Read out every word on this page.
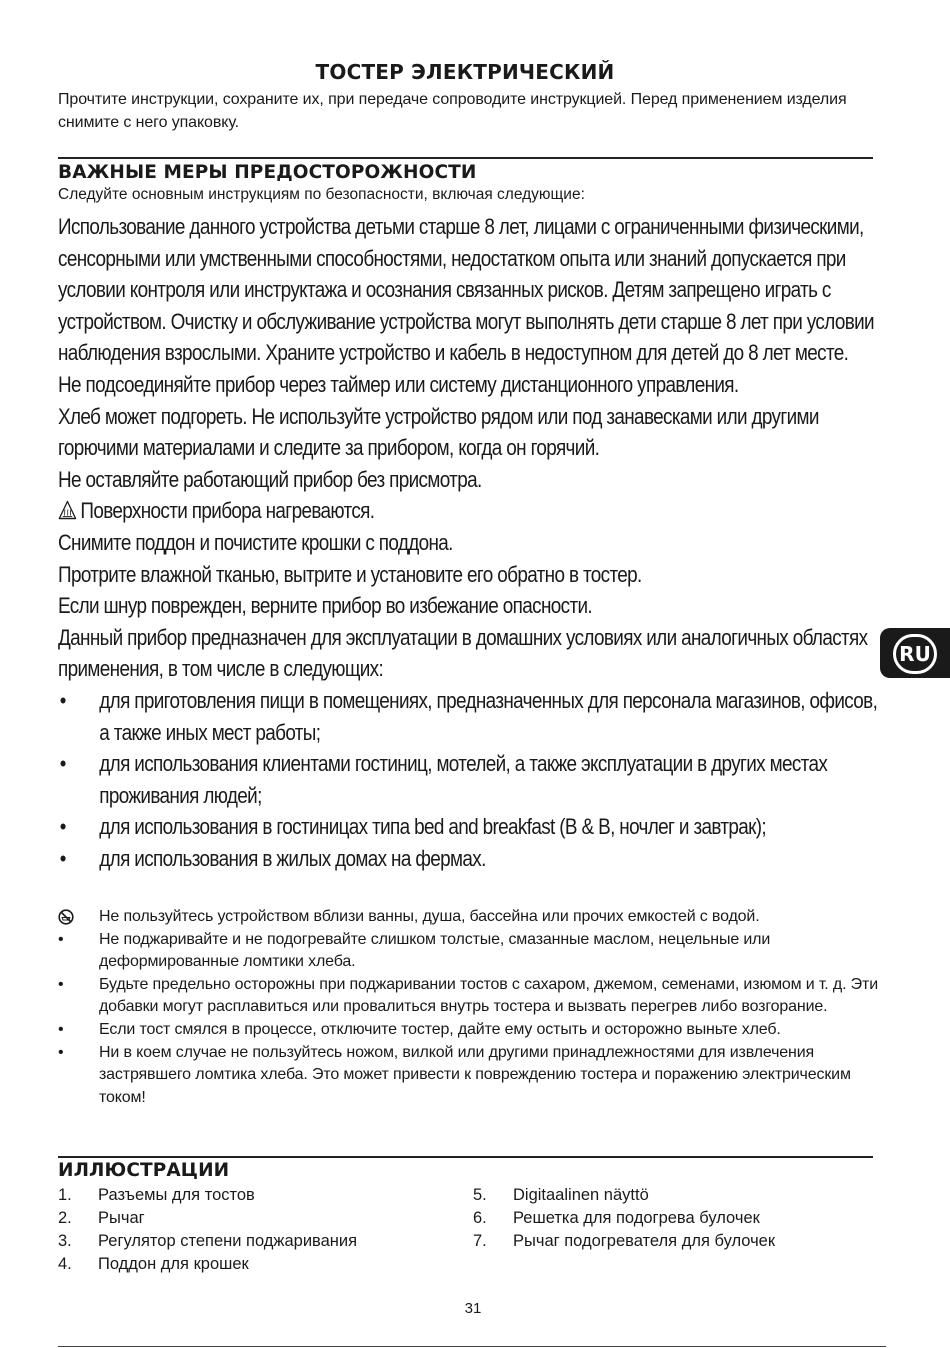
ТОСТЕР ЭЛЕКТРИЧЕСКИЙ
Прочтите инструкции, сохраните их, при передаче сопроводите инструкцией. Перед применением изделия снимите с него упаковку.
ВАЖНЫЕ МЕРЫ ПРЕДОСТОРОЖНОСТИ
Следуйте основным инструкциям по безопасности, включая следующие:

Использование данного устройства детьми старше 8 лет, лицами с ограниченными физическими, сенсорными или умственными способностями, недостатком опыта или знаний допускается при условии контроля или инструктажа и осознания связанных рисков. Детям запрещено играть с устройством. Очистку и обслуживание устройства могут выполнять дети старше 8 лет при условии наблюдения взрослыми. Храните устройство и кабель в недоступном для детей до 8 лет месте.

Не подсоединяйте прибор через таймер или систему дистанционного управления.

Хлеб может подгореть. Не используйте устройство рядом или под занавесками или другими горючими материалами и следите за прибором, когда он горячий.

Не оставляйте работающий прибор без присмотра.

Поверхности прибора нагреваются.

Снимите поддон и почистите крошки с поддона.

Протрите влажной тканью, вытрите и установите его обратно в тостер.

Если шнур поврежден, верните прибор во избежание опасности.

Данный прибор предназначен для эксплуатации в домашних условиях или аналогичных областях применения, в том числе в следующих:

• для приготовления пищи в помещениях, предназначенных для персонала магазинов, офисов, а также иных мест работы;

• для использования клиентами гостиниц, мотелей, а также эксплуатации в других местах проживания людей;

• для использования в гостиницах типа bed and breakfast (B & B, ночлег и завтрак);

• для использования в жилых домах на фермах.

Не пользуйтесь устройством вблизи ванны, душа, бассейна или прочих емкостей с водой.
•	Не поджаривайте и не подогревайте слишком толстые, смазанные маслом, нецельные или деформированные ломтики хлеба.
•	Будьте предельно осторожны при поджаривании тостов с сахаром, джемом, семенами, изюмом и т. д. Эти добавки могут расплавиться или провалиться внутрь тостера и вызвать перегрев либо возгорание.
•	Если тост смялся в процессе, отключите тостер, дайте ему остыть и осторожно выньте хлеб.
•	Ни в коем случае не пользуйтесь ножом, вилкой или другими принадлежностями для извлечения застрявшего ломтика хлеба. Это может привести к повреждению тостера и поражению электрическим током!
ИЛЛЮСТРАЦИИ
1. Разъемы для тостов
2. Рычаг
3. Регулятор степени поджаривания
4. Поддон для крошек
5. Digitaalinen näyttö
6. Решетка для подогрева булочек
7. Рычаг подогревателя для булочек
31
RU
